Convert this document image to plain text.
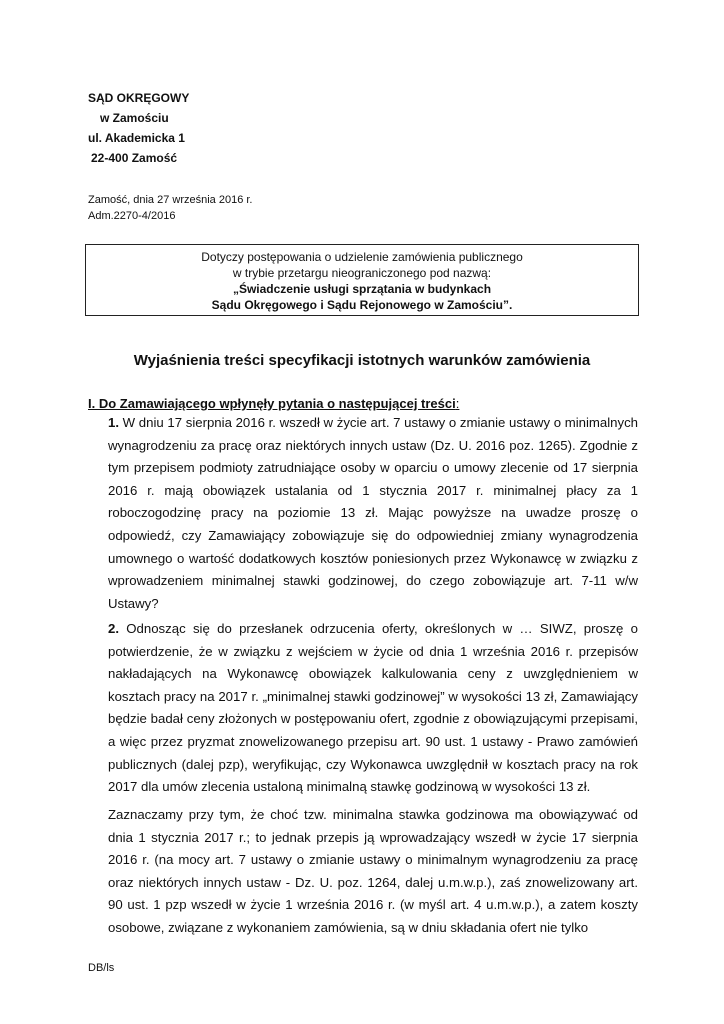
SĄD OKRĘGOWY
w Zamościu
ul. Akademicka 1
22-400 Zamość
Zamość, dnia 27 września 2016 r.
Adm.2270-4/2016
Dotyczy postępowania o udzielenie zamówienia publicznego
w trybie przetargu nieograniczonego pod nazwą:
„Świadczenie usługi sprzątania w budynkach
Sądu Okręgowego i Sądu Rejonowego w Zamościu”.
Wyjaśnienia treści specyfikacji istotnych warunków zamówienia
I. Do Zamawiającego wpłynęły pytania o następującej treści:
1. W dniu 17 sierpnia 2016 r. wszedł w życie art. 7 ustawy o zmianie ustawy o minimalnych wynagrodzeniu za pracę oraz niektórych innych ustaw (Dz. U. 2016 poz. 1265). Zgodnie z tym przepisem podmioty zatrudniające osoby w oparciu o umowy zlecenie od 17 sierpnia 2016 r. mają obowiązek ustalania od 1 stycznia 2017 r. minimalnej płacy za 1 roboczogodzinę pracy na poziomie 13 zł. Mając powyższe na uwadze proszę o odpowiedź, czy Zamawiający zobowiązuje się do odpowiedniej zmiany wynagrodzenia umownego o wartość dodatkowych kosztów poniesionych przez Wykonawcę w związku z wprowadzeniem minimalnej stawki godzinowej, do czego zobowiązuje art. 7-11 w/w Ustawy?
2. Odnosząc się do przesłanek odrzucenia oferty, określonych w … SIWZ, proszę o potwierdzenie, że w związku z wejściem w życie od dnia 1 września 2016 r. przepisów nakładających na Wykonawcę obowiązek kalkulowania ceny z uwzględnieniem w kosztach pracy na 2017 r. „minimalnej stawki godzinowej” w wysokości 13 zł, Zamawiający będzie badał ceny złożonych w postępowaniu ofert, zgodnie z obowiązującymi przepisami, a więc przez pryzmat znowelizowanego przepisu art. 90 ust. 1 ustawy - Prawo zamówień publicznych (dalej pzp), weryfikując, czy Wykonawca uwzględnił w kosztach pracy na rok 2017 dla umów zlecenia ustaloną minimalną stawkę godzinową w wysokości 13 zł.
Zaznaczamy przy tym, że choć tzw. minimalna stawka godzinowa ma obowiązywać od dnia 1 stycznia 2017 r.; to jednak przepis ją wprowadzający wszedł w życie 17 sierpnia 2016 r. (na mocy art. 7 ustawy o zmianie ustawy o minimalnym wynagrodzeniu za pracę oraz niektórych innych ustaw - Dz. U. poz. 1264, dalej u.m.w.p.), zaś znowelizowany art. 90 ust. 1 pzp wszedł w życie 1 września 2016 r. (w myśl art. 4 u.m.w.p.), a zatem koszty osobowe, związane z wykonaniem zamówienia, są w dniu składania ofert nie tylko
DB/ls
